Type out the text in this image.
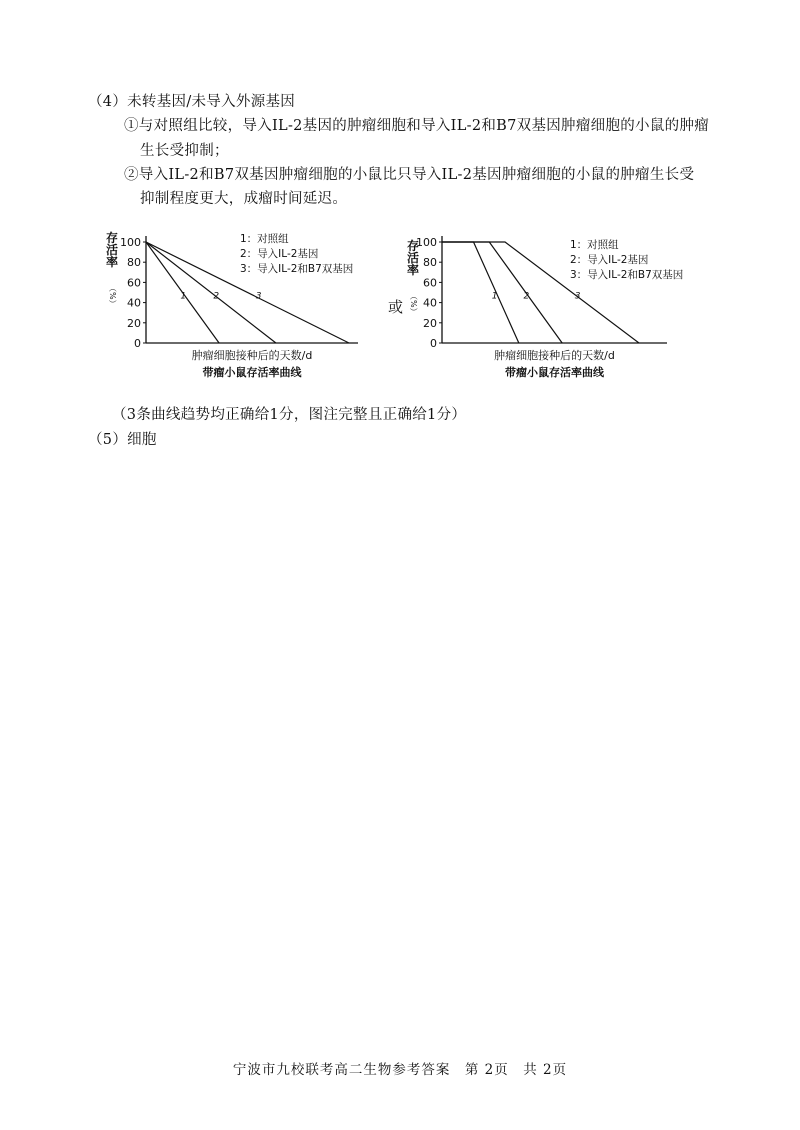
（4）未转基因/未导入外源基因
①与对照组比较，导入IL-2基因的肿瘤细胞和导入IL-2和B7双基因肿瘤细胞的小鼠的肿瘤
生长受抑制；
②导入IL-2和B7双基因肿瘤细胞的小鼠比只导入IL-2基因肿瘤细胞的小鼠的肿瘤生长受
抑制程度更大，成瘤时间延迟。
存活率
（%）
0
20
40
60
80
100
1	2	3
1：对照组
2：导入IL-2基因
3：导入IL-2和B7双基因
肿瘤细胞接种后的天数/d
带瘤小鼠存活率曲线
或
存活率
（%）
0
20
40
60
80
100
1	2	3
1：对照组
2：导入IL-2基因
3：导入IL-2和B7双基因
肿瘤细胞接种后的天数/d
带瘤小鼠存活率曲线
（3条曲线趋势均正确给1分，图注完整且正确给1分）
（5）细胞
宁波市九校联考高二生物参考答案　第 2页　共 2页
